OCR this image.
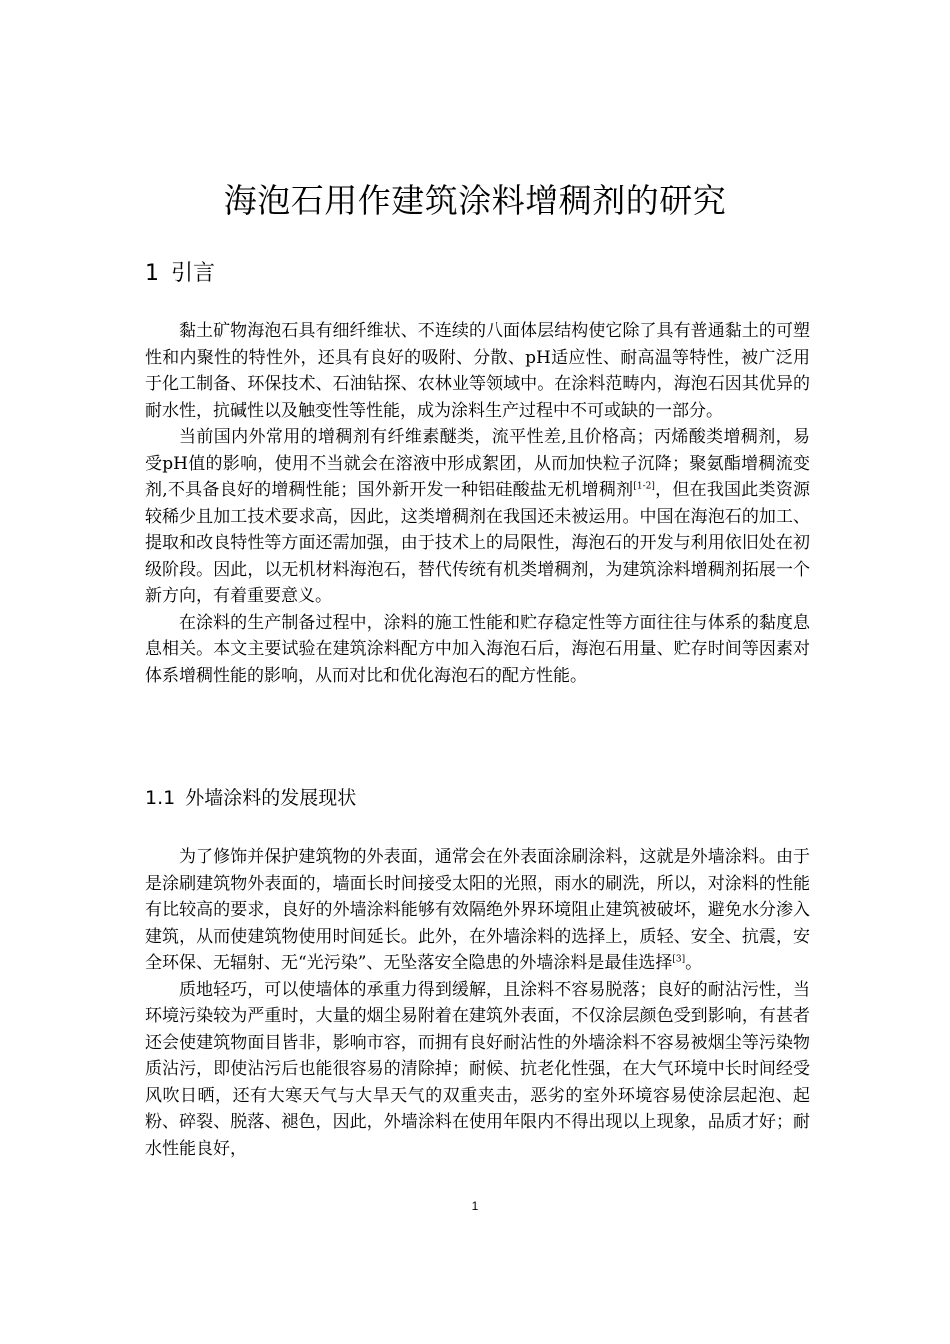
海泡石用作建筑涂料增稠剂的研究
1 引言

黏土矿物海泡石具有细纤维状、不连续的八面体层结构使它除了具有普通黏土的可塑性和内聚性的特性外，还具有良好的吸附、分散、pH适应性、耐高温等特性，被广泛用于化工制备、环保技术、石油钻探、农林业等领域中。在涂料范畴内，海泡石因其优异的耐水性，抗碱性以及触变性等性能，成为涂料生产过程中不可或缺的一部分。

当前国内外常用的增稠剂有纤维素醚类，流平性差,且价格高；丙烯酸类增稠剂，易受pH值的影响，使用不当就会在溶液中形成絮团，从而加快粒子沉降；聚氨酯增稠流变剂,不具备良好的增稠性能；国外新开发一种铝硅酸盐无机增稠剂[1-2]，但在我国此类资源较稀少且加工技术要求高，因此，这类增稠剂在我国还未被运用。中国在海泡石的加工、提取和改良特性等方面还需加强，由于技术上的局限性，海泡石的开发与利用依旧处在初级阶段。因此，以无机材料海泡石，替代传统有机类增稠剂，为建筑涂料增稠剂拓展一个新方向，有着重要意义。

在涂料的生产制备过程中，涂料的施工性能和贮存稳定性等方面往往与体系的黏度息息相关。本文主要试验在建筑涂料配方中加入海泡石后，海泡石用量、贮存时间等因素对体系增稠性能的影响，从而对比和优化海泡石的配方性能。

1.1 外墙涂料的发展现状

为了修饰并保护建筑物的外表面，通常会在外表面涂刷涂料，这就是外墙涂料。由于是涂刷建筑物外表面的，墙面长时间接受太阳的光照，雨水的刷洗，所以，对涂料的性能有比较高的要求，良好的外墙涂料能够有效隔绝外界环境阻止建筑被破坏，避免水分渗入建筑，从而使建筑物使用时间延长。此外，在外墙涂料的选择上，质轻、安全、抗震，安全环保、无辐射、无“光污染”、无坠落安全隐患的外墙涂料是最佳选择[3]。

质地轻巧，可以使墙体的承重力得到缓解，且涂料不容易脱落；良好的耐沾污性，当环境污染较为严重时，大量的烟尘易附着在建筑外表面，不仅涂层颜色受到影响，有甚者还会使建筑物面目皆非，影响市容，而拥有良好耐沾性的外墙涂料不容易被烟尘等污染物质沾污，即使沾污后也能很容易的清除掉；耐候、抗老化性强，在大气环境中长时间经受风吹日晒，还有大寒天气与大旱天气的双重夹击，恶劣的室外环境容易使涂层起泡、起粉、碎裂、脱落、褪色，因此，外墙涂料在使用年限内不得出现以上现象，品质才好；耐水性能良好，

1
